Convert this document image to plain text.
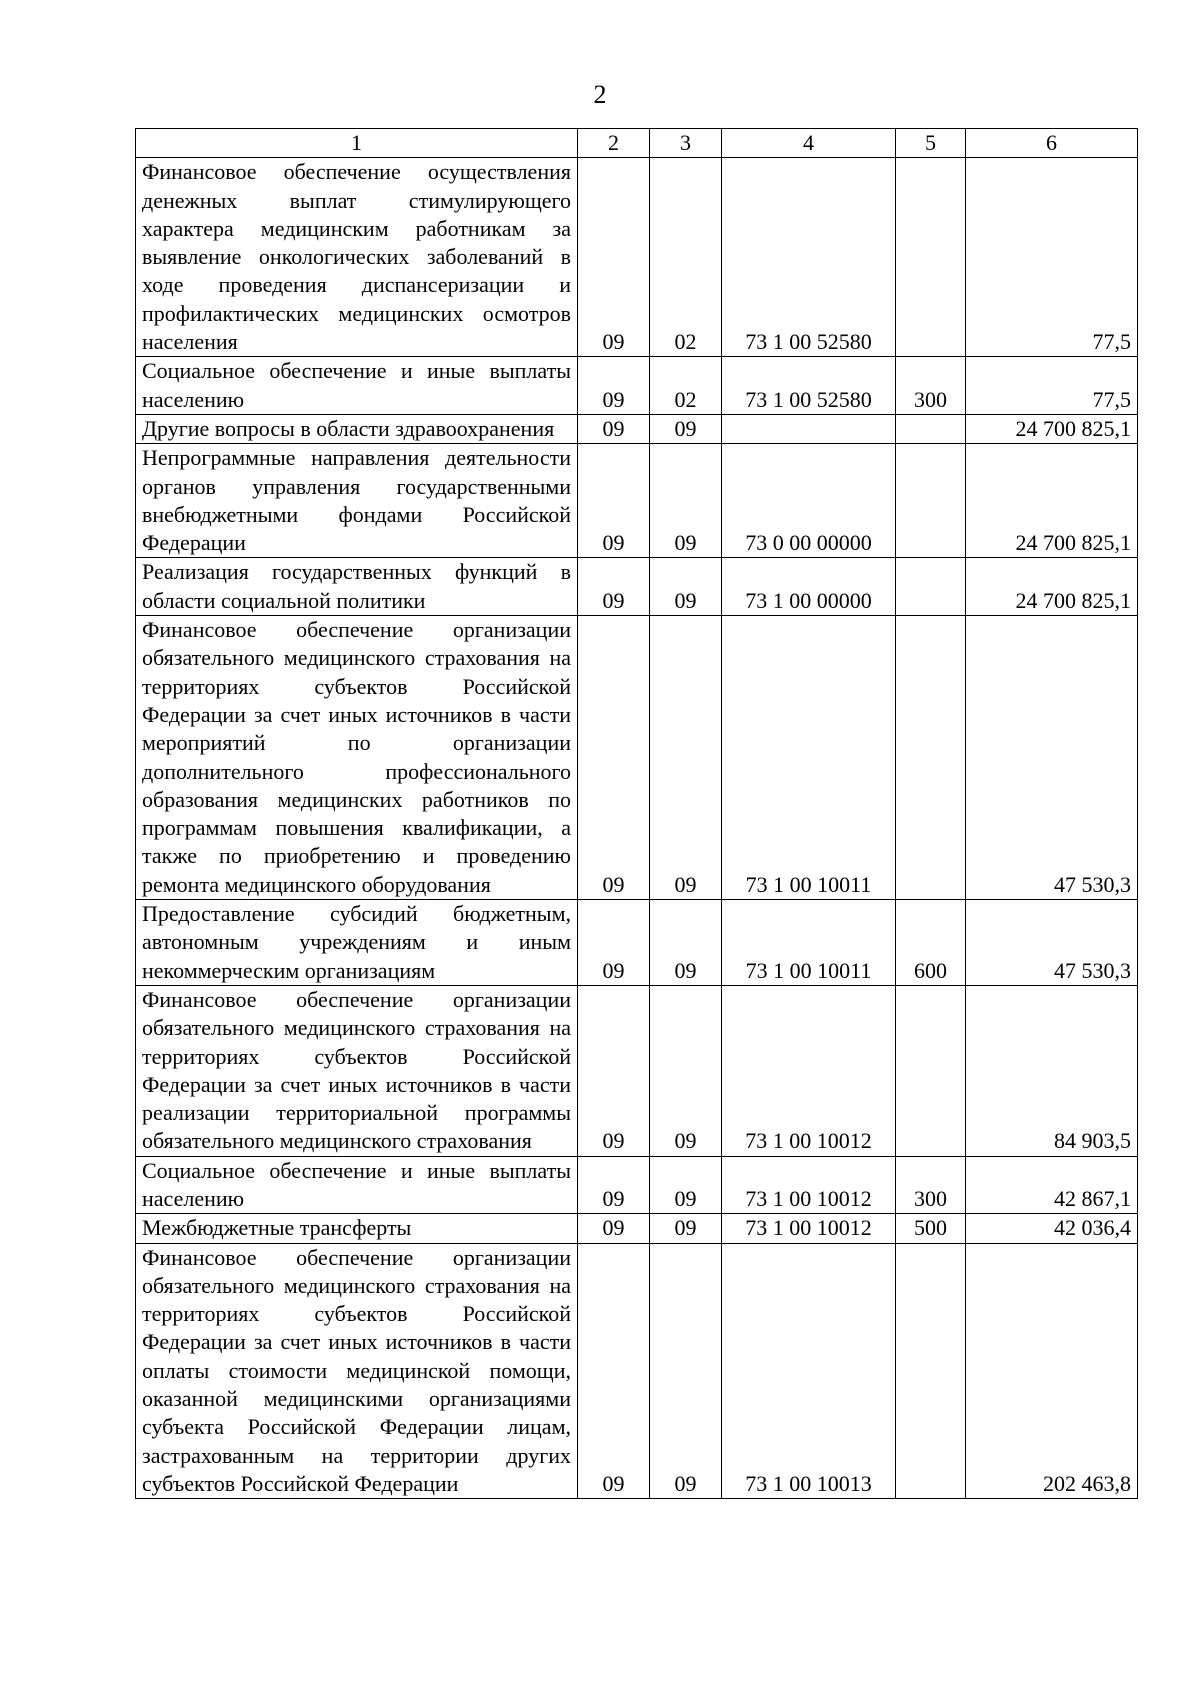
2
1	2	3	4	5	6
Финансовое обеспечение осуществления денежных выплат стимулирующего характера медицинским работникам за выявление онкологических заболеваний в ходе проведения диспансеризации и профилактических медицинских осмотров населения	09	02	73 1 00 52580		77,5
Социальное обеспечение и иные выплаты населению	09	02	73 1 00 52580	300	77,5
Другие вопросы в области здравоохранения	09	09			24 700 825,1
Непрограммные направления деятельности органов управления государственными внебюджетными фондами Российской Федерации	09	09	73 0 00 00000		24 700 825,1
Реализация государственных функций в области социальной политики	09	09	73 1 00 00000		24 700 825,1
Финансовое обеспечение организации обязательного медицинского страхования на территориях субъектов Российской Федерации за счет иных источников в части мероприятий по организации дополнительного профессионального образования медицинских работников по программам повышения квалификации, а также по приобретению и проведению ремонта медицинского оборудования	09	09	73 1 00 10011		47 530,3
Предоставление субсидий бюджетным, автономным учреждениям и иным некоммерческим организациям	09	09	73 1 00 10011	600	47 530,3
Финансовое обеспечение организации обязательного медицинского страхования на территориях субъектов Российской Федерации за счет иных источников в части реализации территориальной программы обязательного медицинского страхования	09	09	73 1 00 10012		84 903,5
Социальное обеспечение и иные выплаты населению	09	09	73 1 00 10012	300	42 867,1
Межбюджетные трансферты	09	09	73 1 00 10012	500	42 036,4
Финансовое обеспечение организации обязательного медицинского страхования на территориях субъектов Российской Федерации за счет иных источников в части оплаты стоимости медицинской помощи, оказанной медицинскими организациями субъекта Российской Федерации лицам, застрахованным на территории других субъектов Российской Федерации	09	09	73 1 00 10013		202 463,8
